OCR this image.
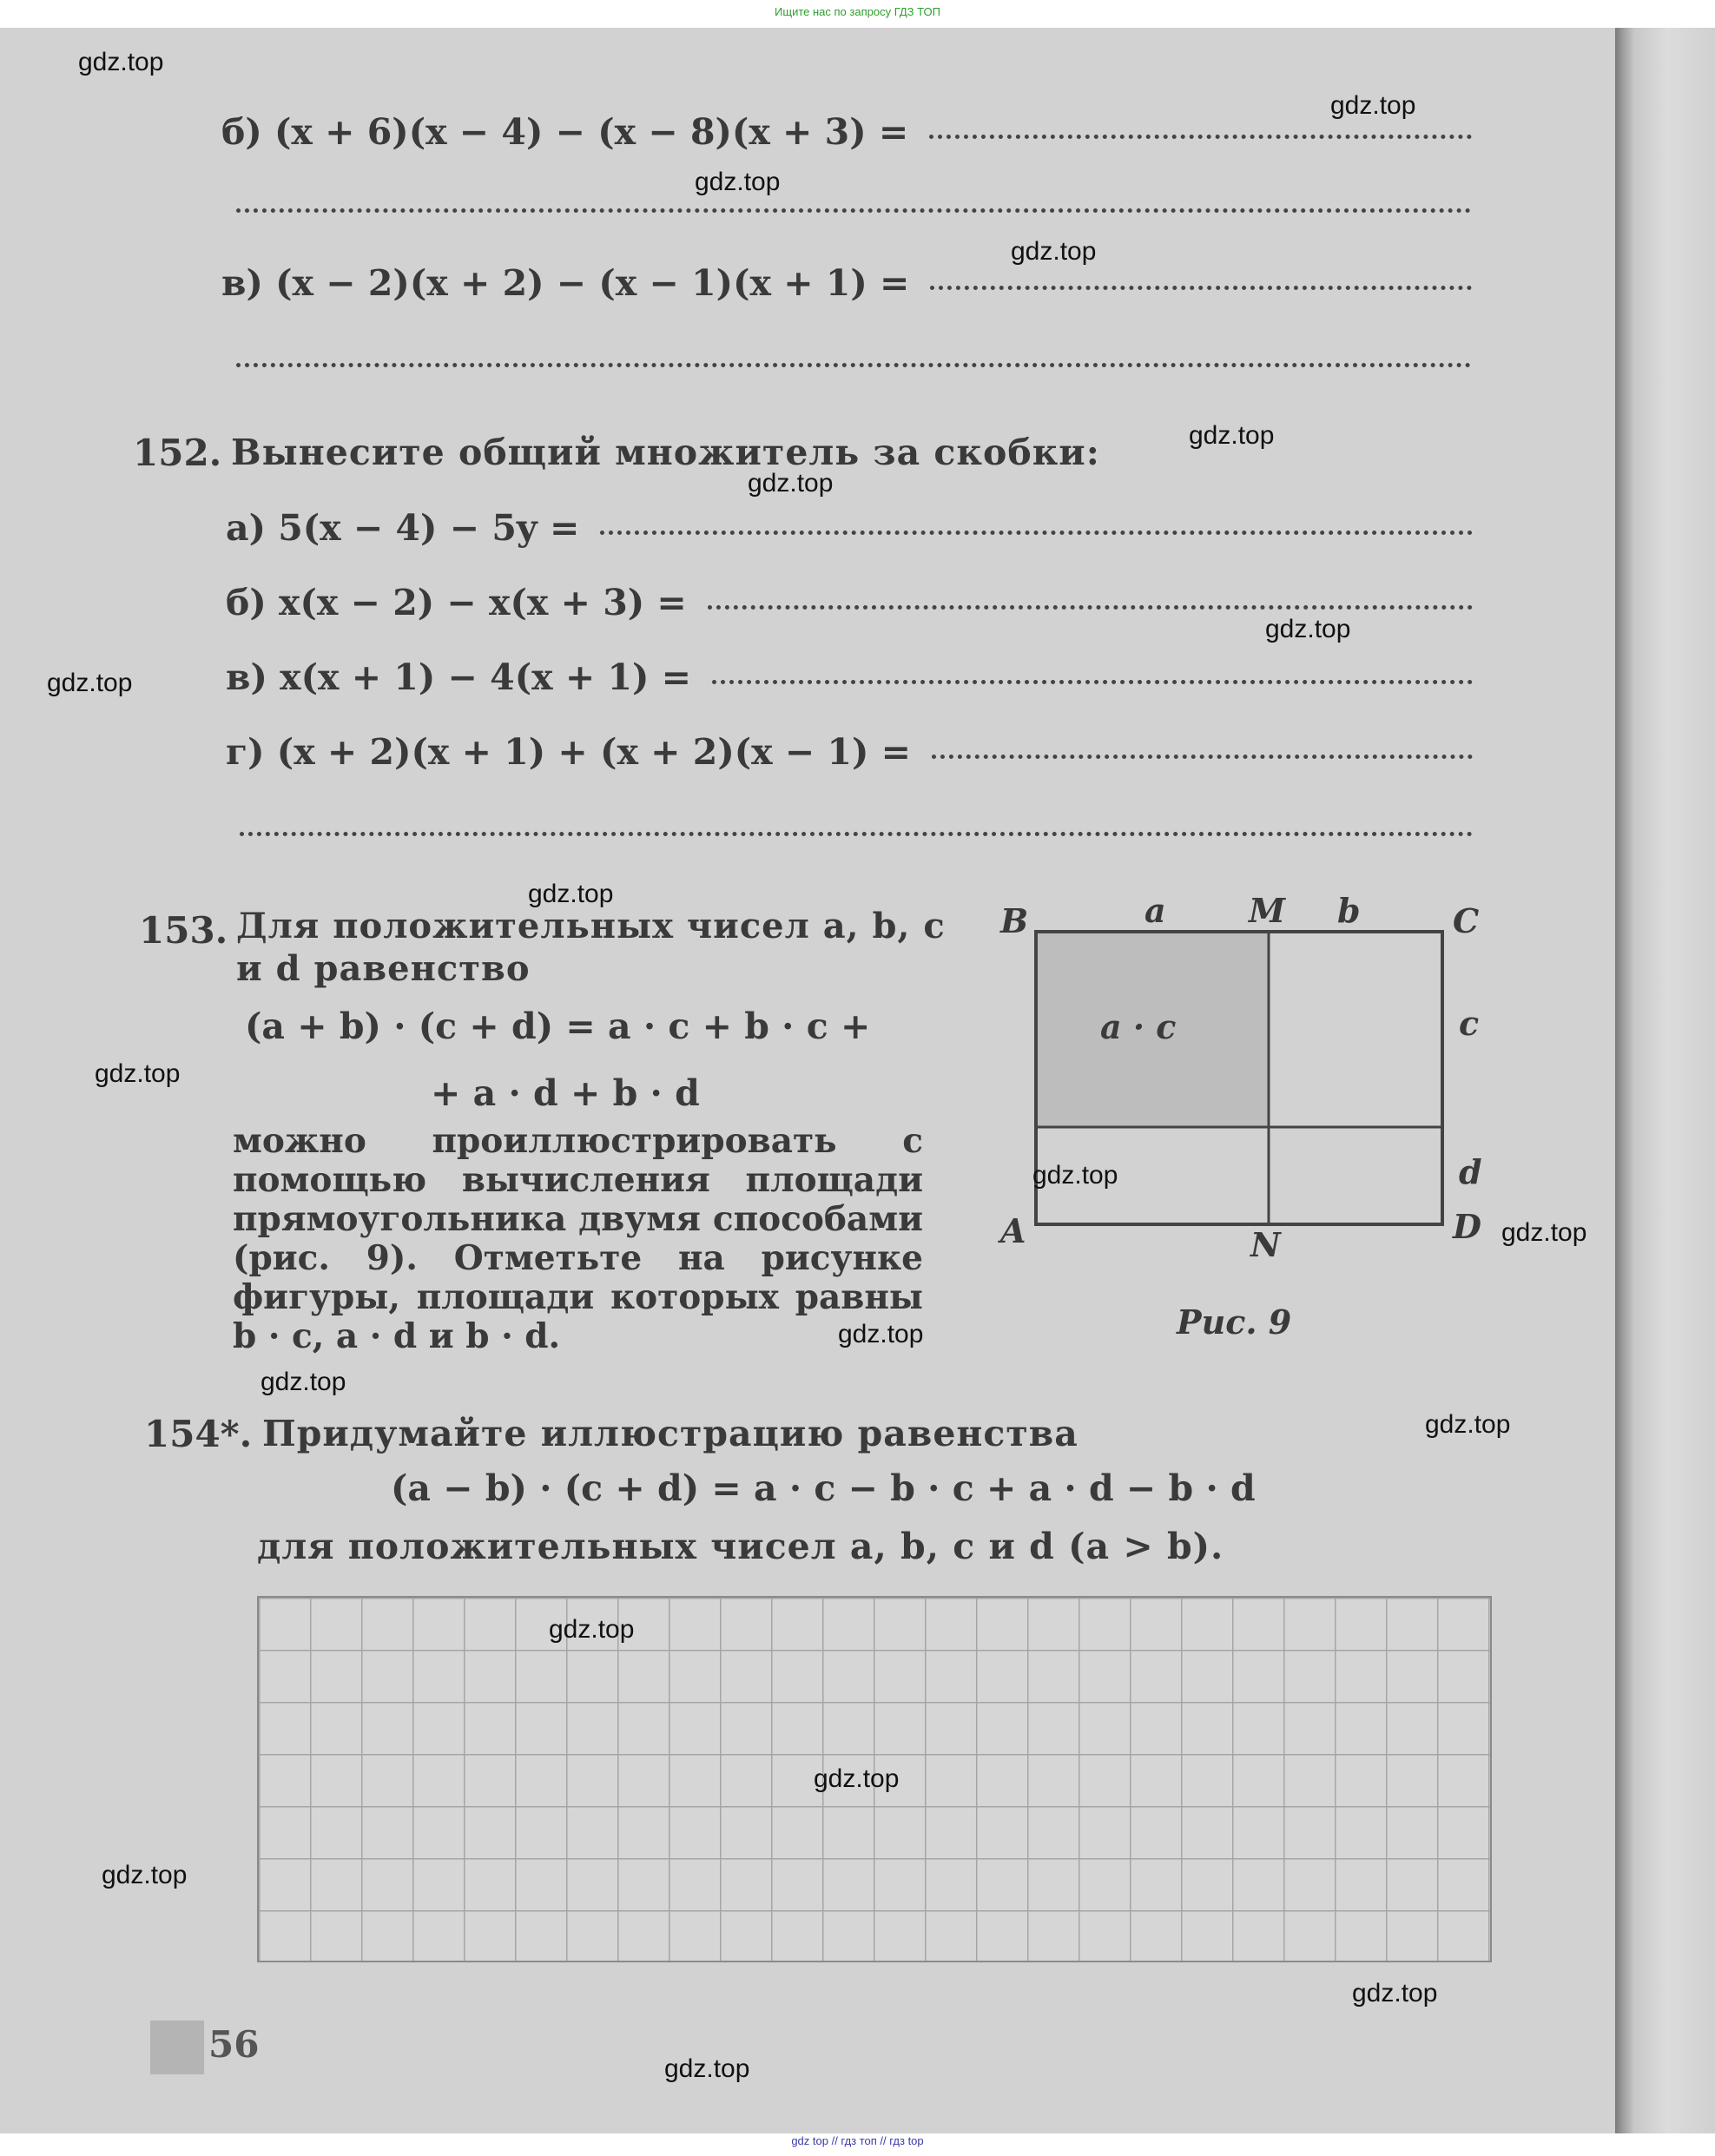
Ищите нас по запросу ГДЗ ТОП
б) (x + 6)(x − 4) − (x − 8)(x + 3) =
в) (x − 2)(x + 2) − (x − 1)(x + 1) =
152. Вынесите общий множитель за скобки:
а) 5(x − 4) − 5y =
б) x(x − 2) − x(x + 3) =
в) x(x + 1) − 4(x + 1) =
г) (x + 2)(x + 1) + (x + 2)(x − 1) =
153. Для положительных чисел a, b, c
и d равенство
(a + b) · (c + d) = a · c + b · c +
+ a · d + b · d
можно проиллюстрировать с помощью вычисления площади прямоугольника двумя способами (рис. 9). Отметьте на рисунке фигуры, площади которых равны b · c, a · d и b · d.
B	a	M b	C
c
d
a · c
A	N	D
Рис. 9
154*. Придумайте иллюстрацию равенства
(a − b) · (c + d) = a · c − b · c + a · d − b · d
для положительных чисел a, b, c и d (a > b).
56
gdz.top
gdz.top
gdz.top
gdz.top
gdz.top
gdz.top
gdz.top
gdz.top
gdz.top
gdz.top
gdz.top
gdz.top
gdz.top
gdz.top
gdz.top
gdz.top
gdz.top
gdz.top
gdz.top
gdz.top
gdz top // гдз топ // гдз top
